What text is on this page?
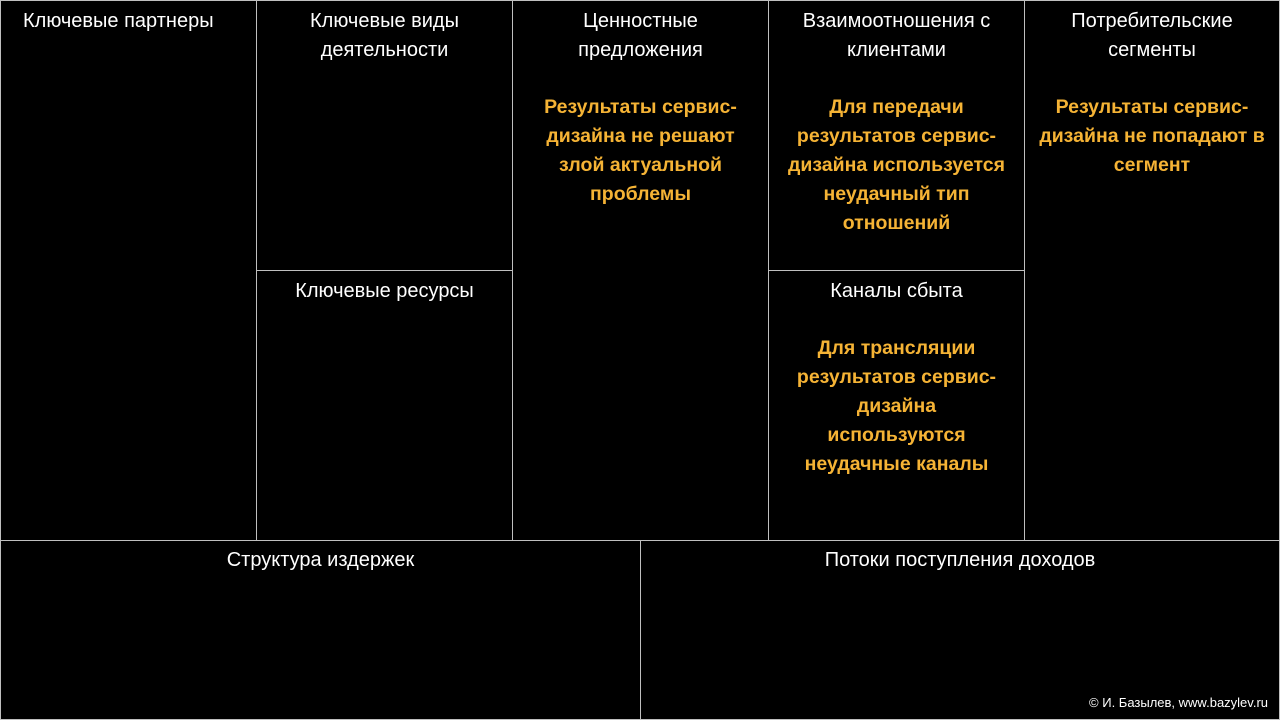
Ключевые партнеры	Ключевые виды деятельности

Ключевые ресурсы

Ценностные предложения

Результаты сервис-дизайна не решают злой актуальной проблемы

Взаимоотношения с клиентами

Для передачи результатов сервис-дизайна используется неудачный тип отношений

Каналы сбыта

Для трансляции результатов сервис-дизайна используются неудачные каналы

Потребительские сегменты

Результаты сервис-дизайна не попадают в сегмент

Структура издержек	Потоки поступления доходов

© И. Базылев, www.bazylev.ru
